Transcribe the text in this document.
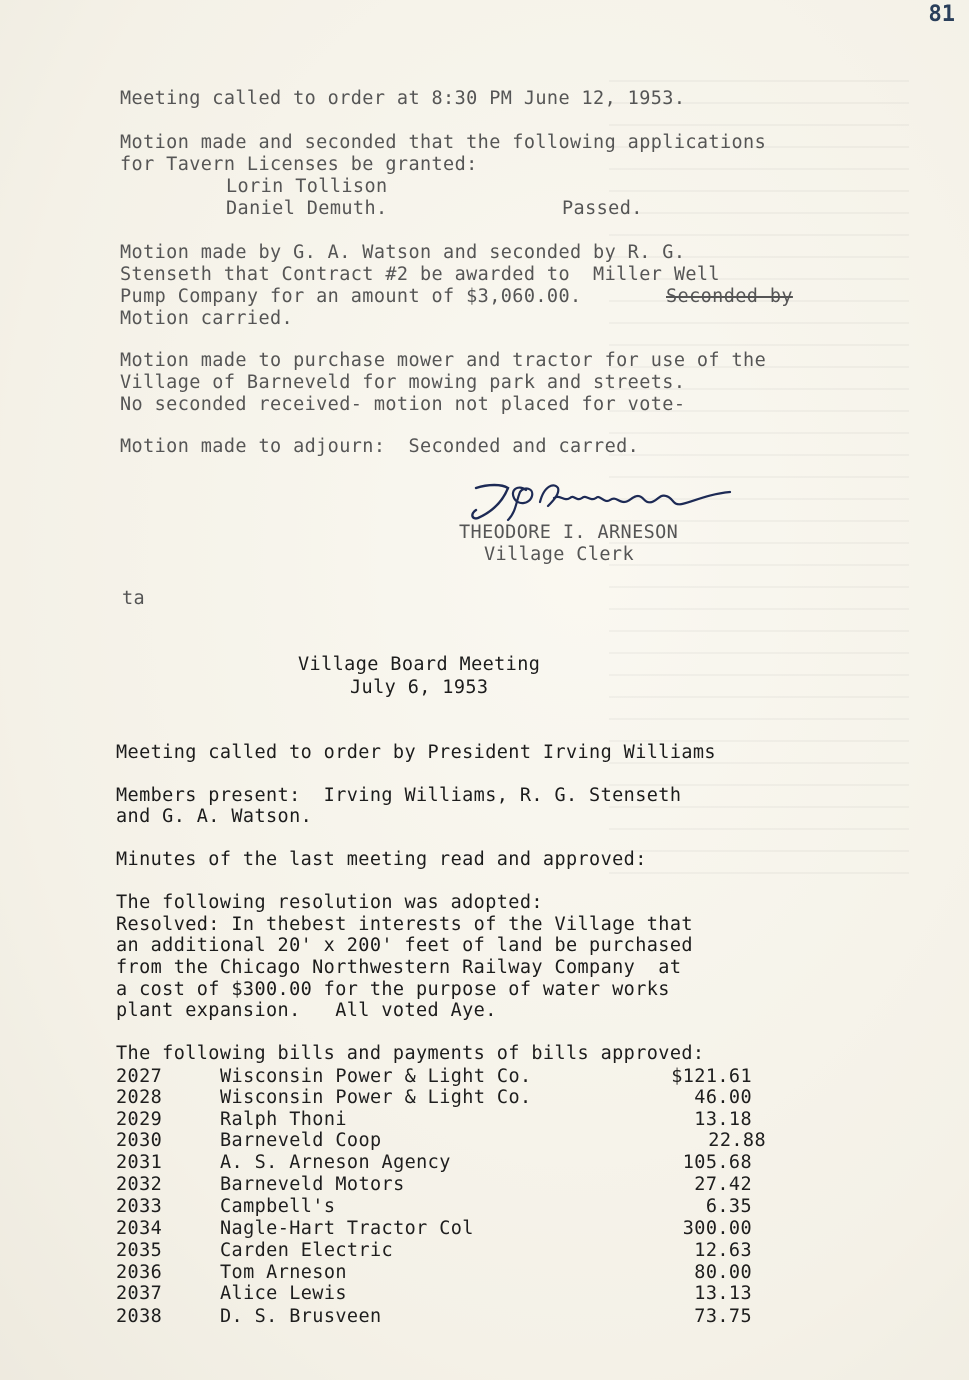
81
Meeting called to order at 8:30 PM June 12, 1953.
Motion made and seconded that the following applications
for Tavern Licenses be granted:
Lorin Tollison
Daniel Demuth.	Passed.
Motion made by G. A. Watson and seconded by R. G.
Stenseth that Contract #2 be awarded to  Miller Well
Pump Company for an amount of $3,060.00.	Seconded by
Motion carried.
Motion made to purchase mower and tractor for use of the
Village of Barneveld for mowing park and streets.
No seconded received- motion not placed for vote-
Motion made to adjourn:  Seconded and carred.
THEODORE I. ARNESON
Village Clerk
ta
Village Board Meeting
July 6, 1953
Meeting called to order by President Irving Williams
Members present:  Irving Williams, R. G. Stenseth
and G. A. Watson.
Minutes of the last meeting read and approved:
The following resolution was adopted:
Resolved: In thebest interests of the Village that
an additional 20' x 200' feet of land be purchased
from the Chicago Northwestern Railway Company  at
a cost of $300.00 for the purpose of water works
plant expansion.   All voted Aye.
The following bills and payments of bills approved:
2027	Wisconsin Power & Light Co.	$121.61
2028	Wisconsin Power & Light Co.	46.00
2029	Ralph Thoni	13.18
2030	Barneveld Coop	22.88
2031	A. S. Arneson Agency	105.68
2032	Barneveld Motors	27.42
2033	Campbell's	6.35
2034	Nagle-Hart Tractor Col	300.00
2035	Carden Electric	12.63
2036	Tom Arneson	80.00
2037	Alice Lewis	13.13
2038	D. S. Brusveen	73.75
